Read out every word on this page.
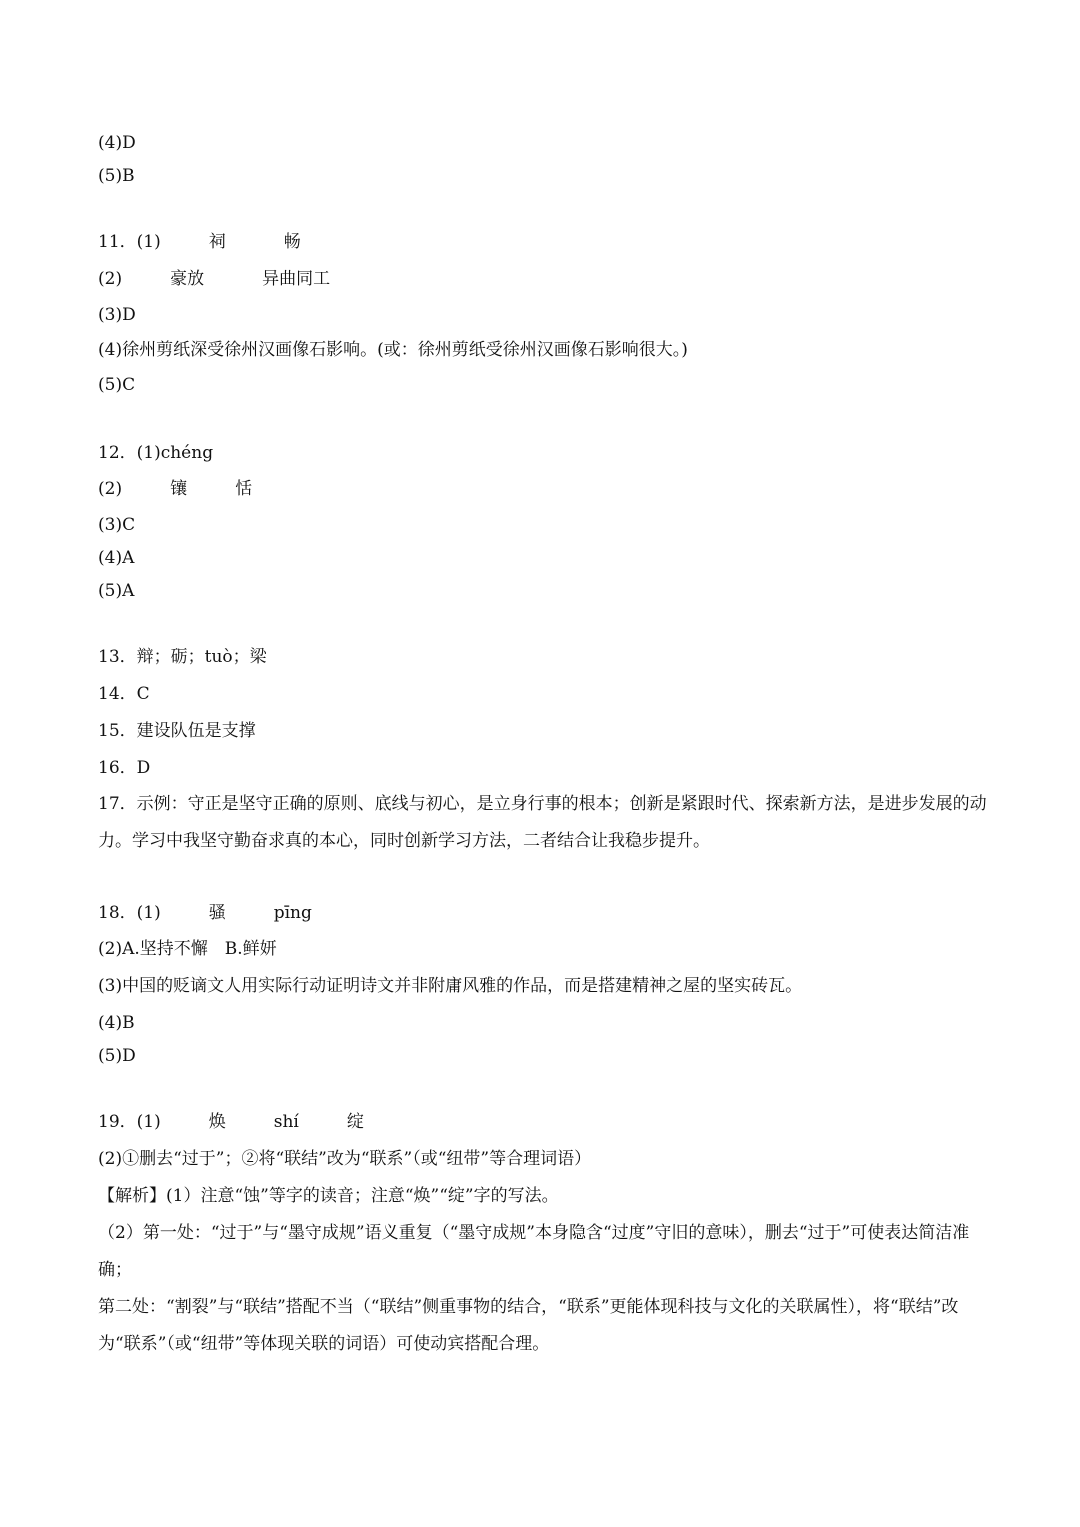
(4)D
(5)B
11．(1)	祠	畅
(2)	豪放	异曲同工
(3)D
(4)徐州剪纸深受徐州汉画像石影响。(或：徐州剪纸受徐州汉画像石影响很大。)
(5)C
12．(1)chéng
(2)	镶	恬
(3)C
(4)A
(5)A
13．辩；砺；tuò；梁
14．C
15．建设队伍是支撑
16．D
17．示例：守正是坚守正确的原则、底线与初心，是立身行事的根本；创新是紧跟时代、探索新方法，是进步发展的动力。学习中我坚守勤奋求真的本心，同时创新学习方法，二者结合让我稳步提升。
18．(1)	骚	pīng
(2)A.坚持不懈　B.鲜妍
(3)中国的贬谪文人用实际行动证明诗文并非附庸风雅的作品，而是搭建精神之屋的坚实砖瓦。
(4)B
(5)D
19．(1)	焕	shí	绽
(2)①删去“过于”；②将“联结”改为“联系”（或“纽带”等合理词语）
【解析】(1）注意“蚀”等字的读音；注意“焕”“绽”字的写法。
（2）第一处：“过于”与“墨守成规”语义重复（“墨守成规”本身隐含“过度”守旧的意味），删去“过于”可使表达简洁准确；
第二处：“割裂”与“联结”搭配不当（“联结”侧重事物的结合，“联系”更能体现科技与文化的关联属性），将“联结”改为“联系”（或“纽带”等体现关联的词语）可使动宾搭配合理。
